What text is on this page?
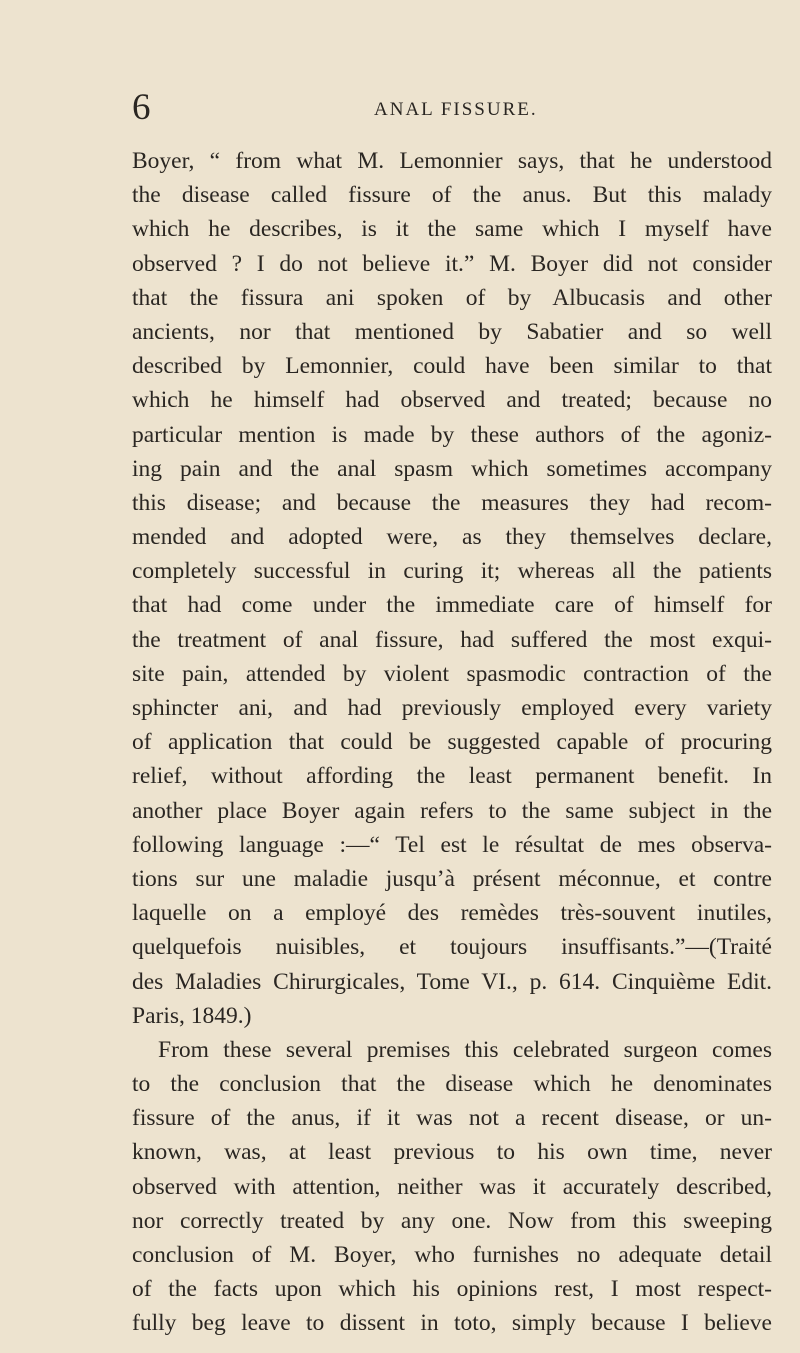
6	ANAL FISSURE.
Boyer, “ from what M. Lemonnier says, that he understood
the disease called fissure of the anus. But this malady
which he describes, is it the same which I myself have
observed ? I do not believe it.” M. Boyer did not consider
that the fissura ani spoken of by Albucasis and other
ancients, nor that mentioned by Sabatier and so well
described by Lemonnier, could have been similar to that
which he himself had observed and treated; because no
particular mention is made by these authors of the agoniz-
ing pain and the anal spasm which sometimes accompany
this disease; and because the measures they had recom-
mended and adopted were, as they themselves declare,
completely successful in curing it; whereas all the patients
that had come under the immediate care of himself for
the treatment of anal fissure, had suffered the most exqui-
site pain, attended by violent spasmodic contraction of the
sphincter ani, and had previously employed every variety
of application that could be suggested capable of procuring
relief, without affording the least permanent benefit. In
another place Boyer again refers to the same subject in the
following language :—“ Tel est le résultat de mes observa-
tions sur une maladie jusqu’à présent méconnue, et contre
laquelle on a employé des remèdes très-souvent inutiles,
quelquefois nuisibles, et toujours insuffisants.”—(Traité
des Maladies Chirurgicales, Tome VI., p. 614. Cinquième Edit.
Paris, 1849.)
From these several premises this celebrated surgeon comes
to the conclusion that the disease which he denominates
fissure of the anus, if it was not a recent disease, or un-
known, was, at least previous to his own time, never
observed with attention, neither was it accurately described,
nor correctly treated by any one. Now from this sweeping
conclusion of M. Boyer, who furnishes no adequate detail
of the facts upon which his opinions rest, I most respect-
fully beg leave to dissent in toto, simply because I believe
